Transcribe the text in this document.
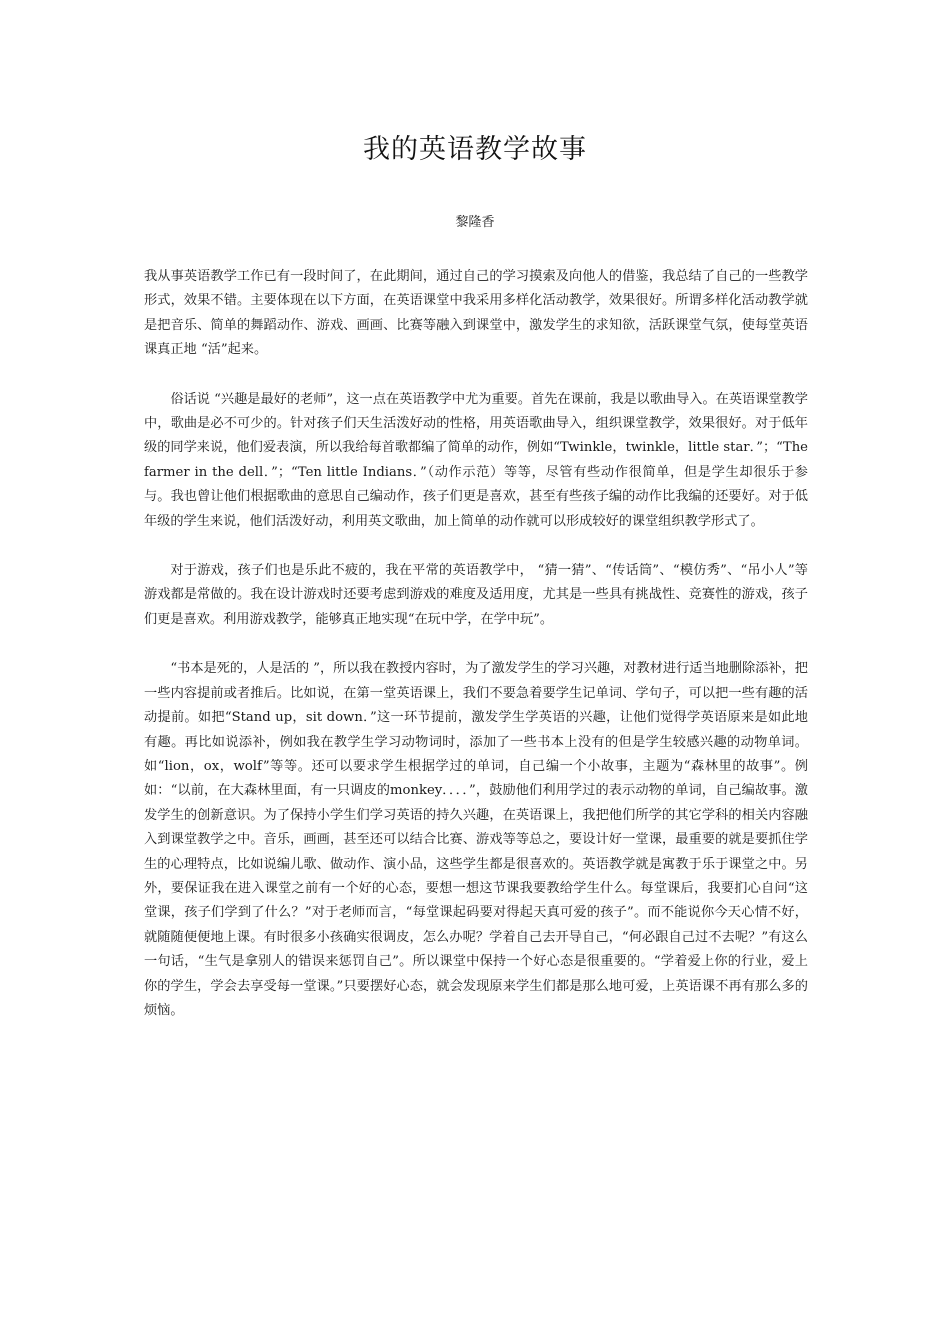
我的英语教学故事
黎隆香

我从事英语教学工作已有一段时间了，在此期间，通过自己的学习摸索及向他人的借鉴，我总结了自己的一些教学形式，效果不错。主要体现在以下方面，在英语课堂中我采用多样化活动教学，效果很好。所谓多样化活动教学就是把音乐、简单的舞蹈动作、游戏、画画、比赛等融入到课堂中，激发学生的求知欲，活跃课堂气氛，使每堂英语课真正地 “活”起来。

俗话说 “兴趣是最好的老师”，这一点在英语教学中尤为重要。首先在课前，我是以歌曲导入。在英语课堂教学中，歌曲是必不可少的。针对孩子们天生活泼好动的性格，用英语歌曲导入，组织课堂教学，效果很好。对于低年级的同学来说，他们爱表演，所以我给每首歌都编了简单的动作，例如“Twinkle，twinkle，little star．”；“The farmer in the dell．”；“Ten little Indians．”（动作示范）等等，尽管有些动作很简单，但是学生却很乐于参与。我也曾让他们根据歌曲的意思自己编动作，孩子们更是喜欢，甚至有些孩子编的动作比我编的还要好。对于低年级的学生来说，他们活泼好动，利用英文歌曲，加上简单的动作就可以形成较好的课堂组织教学形式了。

对于游戏，孩子们也是乐此不疲的，我在平常的英语教学中， “猜一猜”、“传话筒”、“模仿秀”、“吊小人”等游戏都是常做的。我在设计游戏时还要考虑到游戏的难度及适用度，尤其是一些具有挑战性、竞赛性的游戏，孩子们更是喜欢。利用游戏教学，能够真正地实现“在玩中学，在学中玩”。

“书本是死的，人是活的 ”，所以我在教授内容时，为了激发学生的学习兴趣，对教材进行适当地删除添补，把一些内容提前或者推后。比如说，在第一堂英语课上，我们不要急着要学生记单词、学句子，可以把一些有趣的活动提前。如把“Stand up，sit down．”这一环节提前，激发学生学英语的兴趣，让他们觉得学英语原来是如此地有趣。再比如说添补，例如我在教学生学习动物词时，添加了一些书本上没有的但是学生较感兴趣的动物单词。如“lion，ox，wolf”等等。还可以要求学生根据学过的单词，自己编一个小故事，主题为“森林里的故事”。例如：“以前，在大森林里面，有一只调皮的monkey．．．．”，鼓励他们利用学过的表示动物的单词，自己编故事。激发学生的创新意识。为了保持小学生们学习英语的持久兴趣，在英语课上，我把他们所学的其它学科的相关内容融入到课堂教学之中。音乐，画画，甚至还可以结合比赛、游戏等等总之，要设计好一堂课，最重要的就是要抓住学生的心理特点，比如说编儿歌、做动作、演小品，这些学生都是很喜欢的。英语教学就是寓教于乐于课堂之中。另外，要保证我在进入课堂之前有一个好的心态，要想一想这节课我要教给学生什么。每堂课后，我要扪心自问“这堂课，孩子们学到了什么？”对于老师而言，“每堂课起码要对得起天真可爱的孩子”。而不能说你今天心情不好，就随随便便地上课。有时很多小孩确实很调皮，怎么办呢？学着自己去开导自己，“何必跟自己过不去呢？”有这么一句话，“生气是拿别人的错误来惩罚自己”。所以课堂中保持一个好心态是很重要的。“学着爱上你的行业，爱上你的学生，学会去享受每一堂课。”只要摆好心态，就会发现原来学生们都是那么地可爱，上英语课不再有那么多的烦恼。
